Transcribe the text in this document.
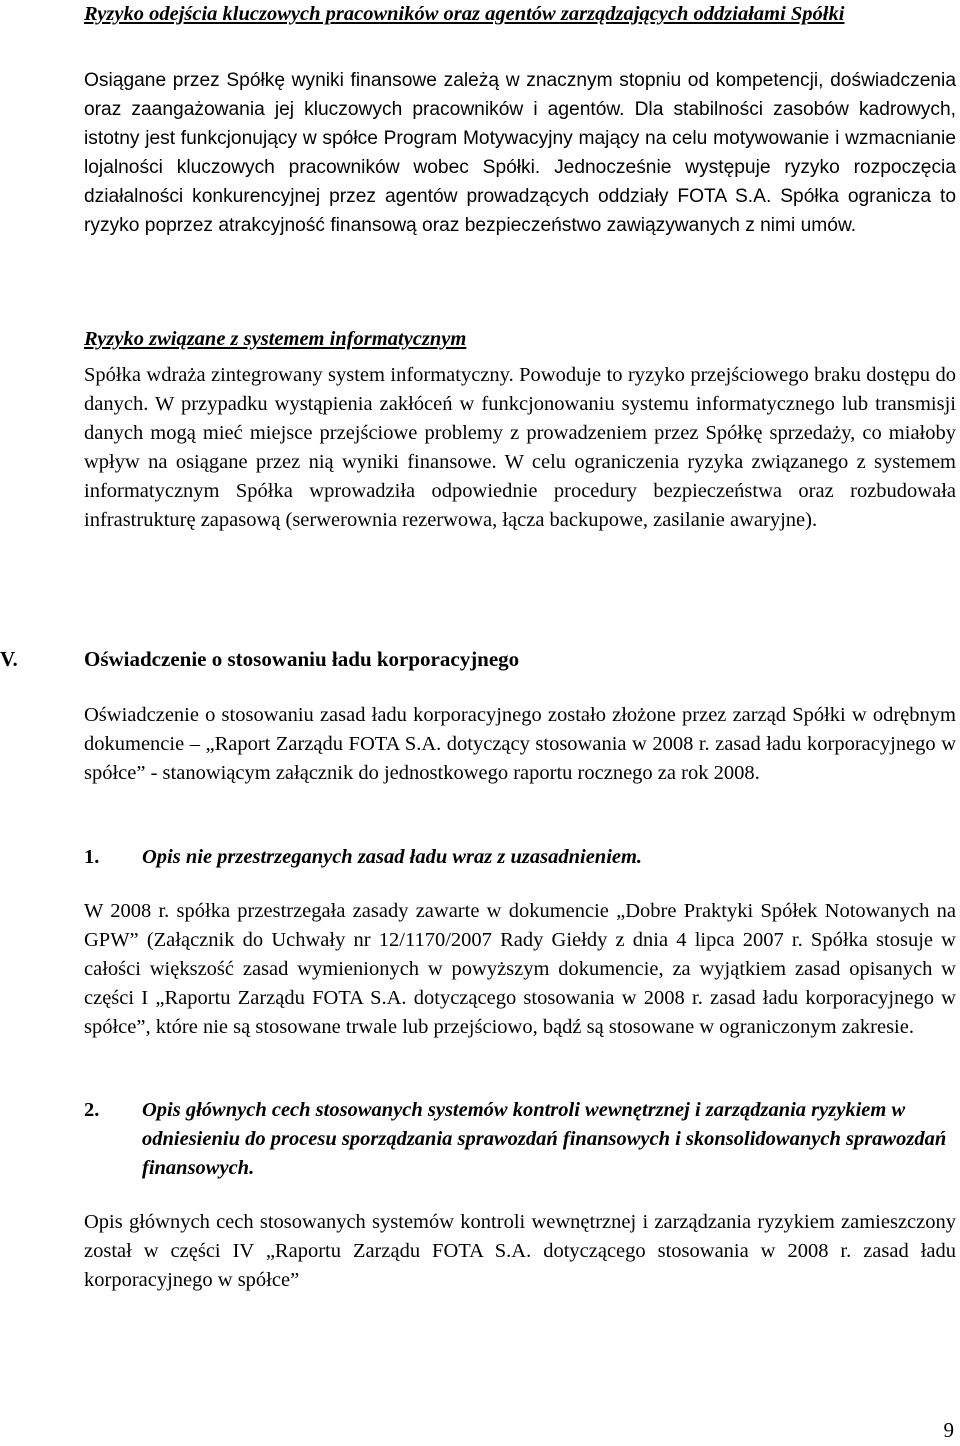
Ryzyko odejścia kluczowych pracowników oraz agentów zarządzających oddziałami Spółki

Osiągane przez Spółkę wyniki finansowe zależą w znacznym stopniu od kompetencji, doświadczenia oraz zaangażowania jej kluczowych pracowników i agentów. Dla stabilności zasobów kadrowych, istotny jest funkcjonujący w spółce Program Motywacyjny mający na celu motywowanie i wzmacnianie lojalności kluczowych pracowników wobec Spółki. Jednocześnie występuje ryzyko rozpoczęcia działalności konkurencyjnej przez agentów prowadzących oddziały FOTA S.A. Spółka ogranicza to ryzyko poprzez atrakcyjność finansową oraz bezpieczeństwo zawiązywanych z nimi umów.

Ryzyko związane z systemem informatycznym

Spółka wdraża zintegrowany system informatyczny. Powoduje to ryzyko przejściowego braku dostępu do danych. W przypadku wystąpienia zakłóceń w funkcjonowaniu systemu informatycznego lub transmisji danych mogą mieć miejsce przejściowe problemy z prowadzeniem przez Spółkę sprzedaży, co miałoby wpływ na osiągane przez nią wyniki finansowe. W celu ograniczenia ryzyka związanego z systemem informatycznym Spółka wprowadziła odpowiednie procedury bezpieczeństwa oraz rozbudowała infrastrukturę zapasową (serwerownia rezerwowa, łącza backupowe, zasilanie awaryjne).

V.	Oświadczenie o stosowaniu ładu korporacyjnego

Oświadczenie o stosowaniu zasad ładu korporacyjnego zostało złożone przez zarząd Spółki w odrębnym dokumencie – „Raport Zarządu FOTA S.A. dotyczący stosowania w 2008 r. zasad ładu korporacyjnego w spółce” - stanowiącym załącznik do jednostkowego raportu rocznego za rok 2008.

1. Opis nie przestrzeganych zasad ładu wraz z uzasadnieniem.

W 2008 r. spółka przestrzegała zasady zawarte w dokumencie „Dobre Praktyki Spółek Notowanych na GPW” (Załącznik do Uchwały nr 12/1170/2007 Rady Giełdy z dnia 4 lipca 2007 r. Spółka stosuje w całości większość zasad wymienionych w powyższym dokumencie, za wyjątkiem zasad opisanych w części I „Raportu Zarządu FOTA S.A. dotyczącego stosowania w 2008 r. zasad ładu korporacyjnego w spółce”, które nie są stosowane trwale lub przejściowo, bądź są stosowane w ograniczonym zakresie.

2. Opis głównych cech stosowanych systemów kontroli wewnętrznej i zarządzania ryzykiem w odniesieniu do procesu sporządzania sprawozdań finansowych i skonsolidowanych sprawozdań finansowych.

Opis głównych cech stosowanych systemów kontroli wewnętrznej i zarządzania ryzykiem zamieszczony został w części IV „Raportu Zarządu FOTA S.A. dotyczącego stosowania w 2008 r. zasad ładu korporacyjnego w spółce”

9
